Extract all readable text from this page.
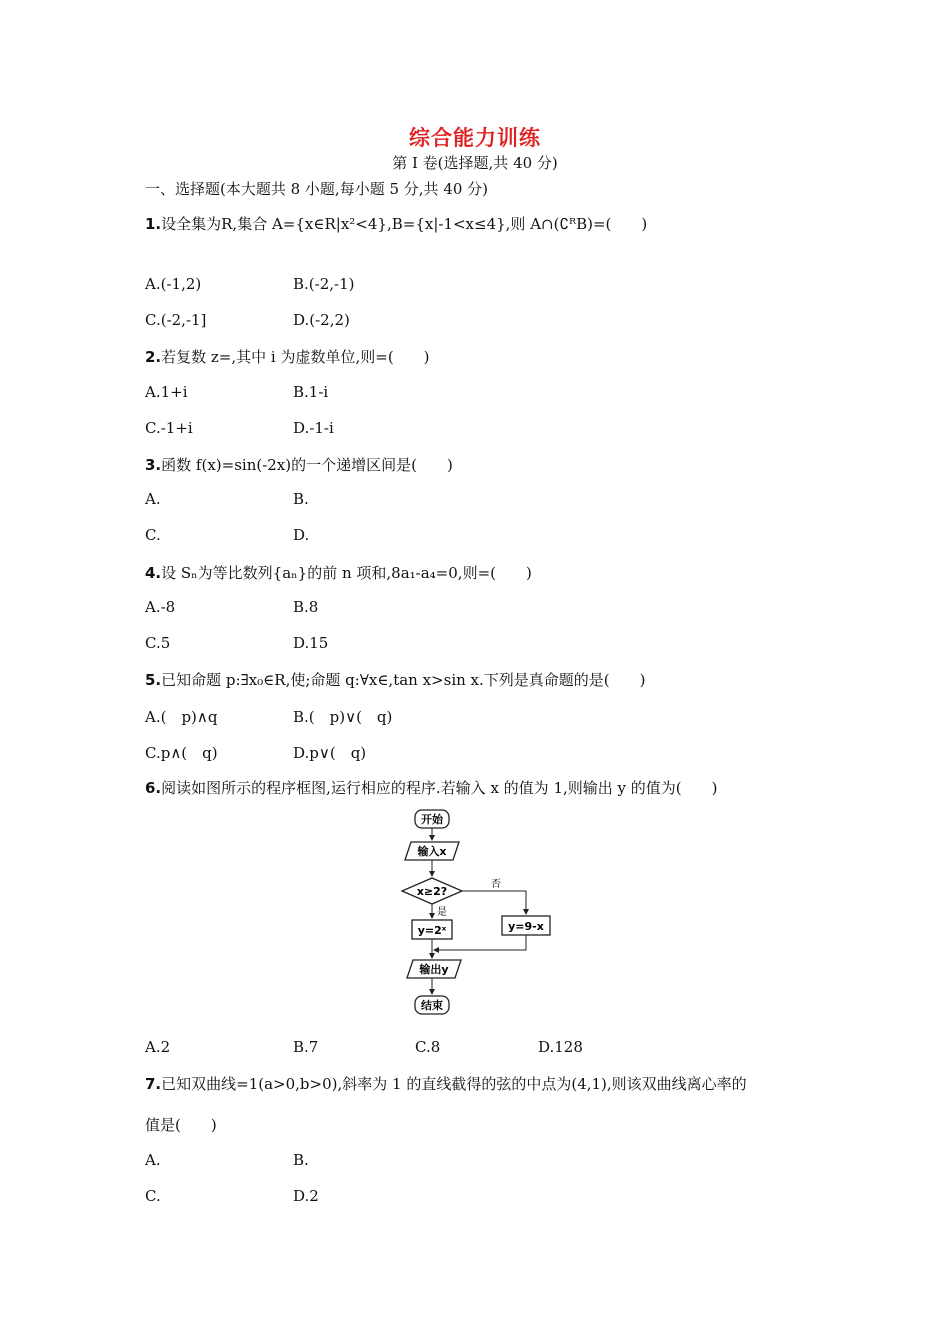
综合能力训练
第 I 卷(选择题,共 40 分)
一、选择题(本大题共 8 小题,每小题 5 分,共 40 分)
1.设全集为R,集合 A={x∈R|x²<4},B={x|-1<x≤4},则 A∩(∁ᴿB)=(　　)
A.(-1,2)	B.(-2,-1)
C.(-2,-1]	D.(-2,2)
2.若复数 z=,其中 i 为虚数单位,则=(　　)
A.1+i	B.1-i
C.-1+i	D.-1-i
3.函数 f(x)=sin(-2x)的一个递增区间是(　　)
A.	B.
C.	D.
4.设 Sₙ为等比数列{aₙ}的前 n 项和,8a₁-a₄=0,则=(　　)
A.-8	B.8
C.5	D.15
5.已知命题 p:∃x₀∈R,使;命题 q:∀x∈,tan x>sin x.下列是真命题的是(　　)
A.(　p)∧q	B.(　p)∨(　q)
C.p∧(　q)	D.p∨(　q)
6.阅读如图所示的程序框图,运行相应的程序.若输入 x 的值为 1,则输出 y 的值为(　　)
开始
输入x
x≥2?
否
y=9-x
是
y=2ˣ
输出y
结束
A.2	B.7	C.8	D.128
7.已知双曲线=1(a>0,b>0),斜率为 1 的直线截得的弦的中点为(4,1),则该双曲线离心率的
值是(　　)
A.	B.
C.	D.2
